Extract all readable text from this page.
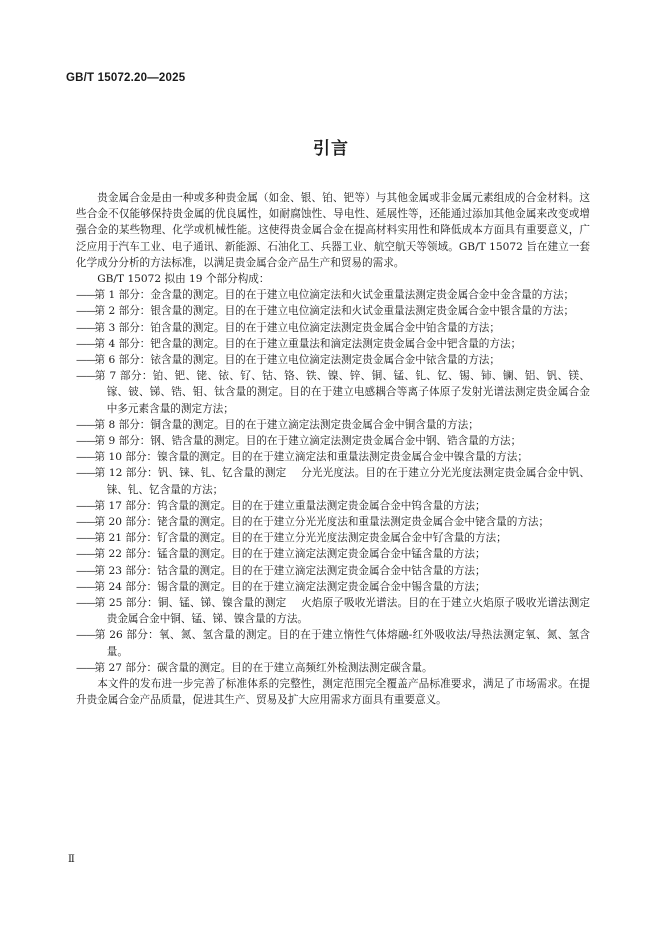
GB/T 15072.20—2025
引言

贵金属合金是由一种或多种贵金属（如金、银、铂、钯等）与其他金属或非金属元素组成的合金材料。这些合金不仅能够保持贵金属的优良属性，如耐腐蚀性、导电性、延展性等，还能通过添加其他金属来改变或增强合金的某些物理、化学或机械性能。这使得贵金属合金在提高材料实用性和降低成本方面具有重要意义，广泛应用于汽车工业、电子通讯、新能源、石油化工、兵器工业、航空航天等领域。GB/T 15072 旨在建立一套化学成分分析的方法标准，以满足贵金属合金产品生产和贸易的需求。

GB/T 15072 拟由 19 个部分构成：

——第 1 部分：金含量的测定。目的在于建立电位滴定法和火试金重量法测定贵金属合金中金含量的方法；
——第 2 部分：银含量的测定。目的在于建立电位滴定法和火试金重量法测定贵金属合金中银含量的方法；
——第 3 部分：铂含量的测定。目的在于建立电位滴定法测定贵金属合金中铂含量的方法；
——第 4 部分：钯含量的测定。目的在于建立重量法和滴定法测定贵金属合金中钯含量的方法；
——第 6 部分：铱含量的测定。目的在于建立电位滴定法测定贵金属合金中铱含量的方法；
——第 7 部分：铂、钯、铑、铱、钌、钴、铬、铁、镍、锌、铜、锰、钆、钇、锡、铈、镧、铝、钒、镁、镓、铍、锑、锆、钼、钛含量的测定。目的在于建立电感耦合等离子体原子发射光谱法测定贵金属合金中多元素含量的测定方法；
——第 8 部分：铜含量的测定。目的在于建立滴定法测定贵金属合金中铜含量的方法；
——第 9 部分：钢、锆含量的测定。目的在于建立滴定法测定贵金属合金中钢、锆含量的方法；
——第 10 部分：镍含量的测定。目的在于建立滴定法和重量法测定贵金属合金中镍含量的方法；
——第 12 部分：钒、铼、钆、钇含量的测定 分光光度法。目的在于建立分光光度法测定贵金属合金中钒、铼、钆、钇含量的方法；
——第 17 部分：钨含量的测定。目的在于建立重量法测定贵金属合金中钨含量的方法；
——第 20 部分：铑含量的测定。目的在于建立分光光度法和重量法测定贵金属合金中铑含量的方法；
——第 21 部分：钌含量的测定。目的在于建立分光光度法测定贵金属合金中钌含量的方法；
——第 22 部分：锰含量的测定。目的在于建立滴定法测定贵金属合金中锰含量的方法；
——第 23 部分：钴含量的测定。目的在于建立滴定法测定贵金属合金中钴含量的方法；
——第 24 部分：锡含量的测定。目的在于建立滴定法测定贵金属合金中锡含量的方法；
——第 25 部分：铜、锰、锑、镍含量的测定 火焰原子吸收光谱法。目的在于建立火焰原子吸收光谱法测定贵金属合金中铜、锰、锑、镍含量的方法。
——第 26 部分：氧、氮、氢含量的测定。目的在于建立惰性气体熔融-红外吸收法/导热法测定氧、氮、氢含量。
——第 27 部分：碳含量的测定。目的在于建立高频红外检测法测定碳含量。

本文件的发布进一步完善了标准体系的完整性，测定范围完全覆盖产品标准要求，满足了市场需求。在提升贵金属合金产品质量，促进其生产、贸易及扩大应用需求方面具有重要意义。

Ⅱ
